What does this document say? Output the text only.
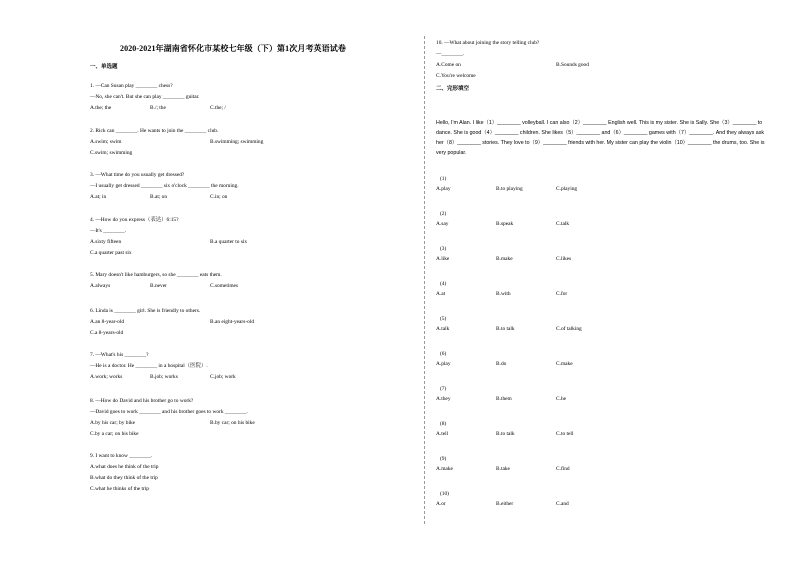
2020-2021年湖南省怀化市某校七年级（下）第1次月考英语试卷
一、单选题
1. —Can Susan play ________ chess?
—No, she can't. But she can play ________ guitar.
A.the; the	B./; the	C.the; /
2. Rick can ________. He wants to join the ________ club.
A.swim; swim	B.swimming; swimming
C.swim; swimming
3. —What time do you usually get dressed?
—I usually get dressed ________ six o'clock ________ the morning.
A.at; in	B.at; on	C.in; on
4. —How do you express（表达）6:15?
—It's ________.
A.sixty fifteen	B.a quarter to six
C.a quarter past six
5. Mary doesn't like hamburgers, so she ________ eats them.
A.always	B.never	C.sometimes
6. Linda is ________ girl. She is friendly to others.
A.an 8-year-old	B.an eight-years-old
C.a 8-years-old
7. —What's his ________?
—He is a doctor. He ________ in a hospital（医院）.
A.work; works	B.job; works	C.job; work
8. —How do David and his brother go to work?
—David goes to work ________ and his brother goes to work ________.
A.by his car; by bike	B.by car; on his bike
C.by a car; on his bike
9. I want to know ________.
A.what does he think of the trip
B.what do they think of the trip
C.what he thinks of the trip
10. —What about joining the story telling club?
—________.
A.Come on	B.Sounds good
C.You're welcome
二、完形填空
Hello, I'm Alan. I like（1）________ volleyball. I can also（2）________ English well. This is my sister. She is Sally. She（3）________ to dance. She is good（4）________ children. She likes（5）________ and（6）________ games with（7）________. And they always ask her（8）________ stories. They love to（9）________ friends with her. My sister can play the violin（10）________ the drums, too. She is very popular.
(1)
A.play	B.to playing	C.playing
(2)
A.say	B.speak	C.talk
(3)
A.like	B.make	C.likes
(4)
A.at	B.with	C.for
(5)
A.talk	B.to talk	C.of talking
(6)
A.play	B.do	C.make
(7)
A.they	B.them	C.he
(8)
A.tell	B.to talk	C.to tell
(9)
A.make	B.take	C.find
(10)
A.or	B.either	C.and
